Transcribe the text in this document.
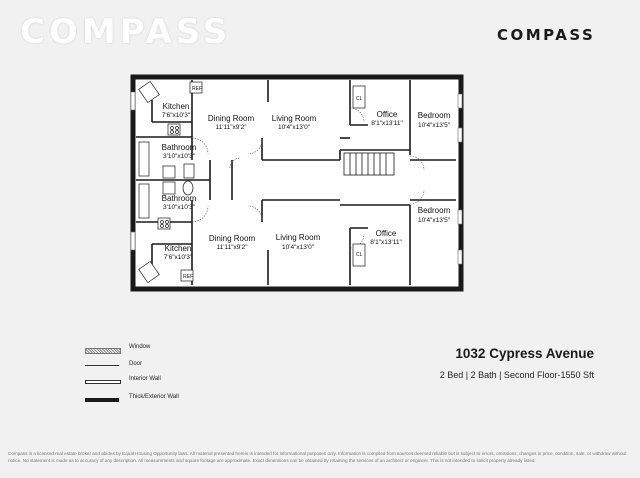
COMPASS	COMPASS
REF
REF
CL
CL
Kitchen
7'6"x10'3" Dining Room
11'11"x9'2"
Living Room
10'4"x13'0"
Office
8'1"x13'11"
Bedroom
10'4"x13'5"
Bathroom
3'10"x10'3"
Bathroom
3'10"x10'3"	Bedroom
10'4"x13'5"
Office
8'1"x13'11"
Dining Room
11'11"x9'2"
Living Room
10'4"x13'0"
Kitchen
7'6"x10'3"
Window
Door
Interior Wall
Thick/Exterior Wall
1032 Cypress Avenue
2 Bed | 2 Bath | Second Floor-1550 Sft
Compass is a licensed real estate broker and abides by Equal Housing Opportunity laws. All material presented herein is intended for informational purposes only. Information is compiled from sources deemed reliable but is subject to errors, omissions, changes in price, condition, sale, or withdraw without notice. No statement is made as to accuracy of any description. All measurements and square footage are approximate. Exact dimensions can be obtained by retaining the services of an architect or engineer. This is not intended to solicit property already listed.
